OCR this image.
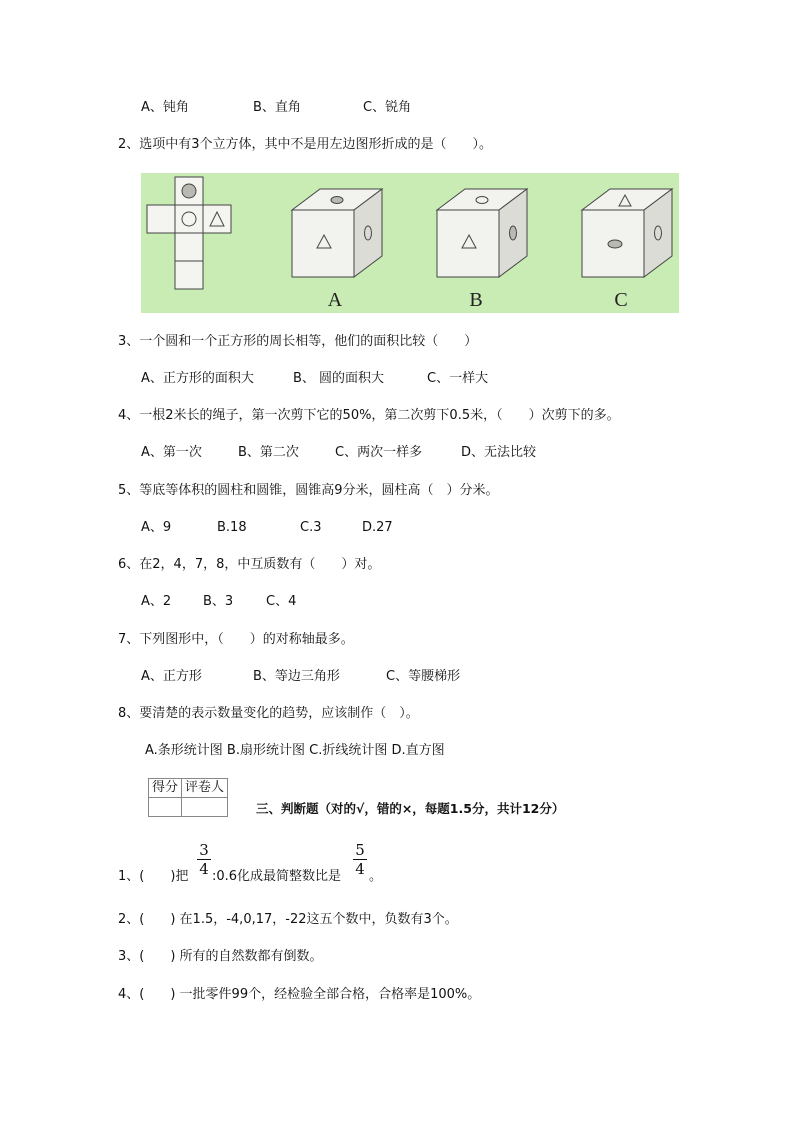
A、钝角	B、直角	C、锐角
2、选项中有3个立方体，其中不是用左边图形折成的是（　　）。
A	B	C
3、一个圆和一个正方形的周长相等，他们的面积比较（　　）
A、正方形的面积大	B、 圆的面积大	C、一样大
4、一根2米长的绳子，第一次剪下它的50%，第二次剪下0.5米，（　　）次剪下的多。
A、第一次	B、第二次	C、两次一样多	D、无法比较
5、等底等体积的圆柱和圆锥，圆锥高9分米，圆柱高（　）分米。
A、9	B.18	C.3	D.27
6、在2，4，7，8，中互质数有（　　）对。
A、2 B、3	C、4
7、下列图形中，（　　）的对称轴最多。
A、正方形	B、等边三角形	C、等腰梯形
8、要清楚的表示数量变化的趋势，应该制作（　）。
A.条形统计图 B.扇形统计图 C.折线统计图 D.直方图
得分	评卷人

三、判断题（对的√，错的×，每题1.5分，共计12分）
1、(　　)把
3
4 :0.6化成最简整数比是
5
4 。
2、(　　) 在1.5，-4,0,17，-22这五个数中，负数有3个。
3、(　　) 所有的自然数都有倒数。
4、(　　) 一批零件99个，经检验全部合格，合格率是100%。
